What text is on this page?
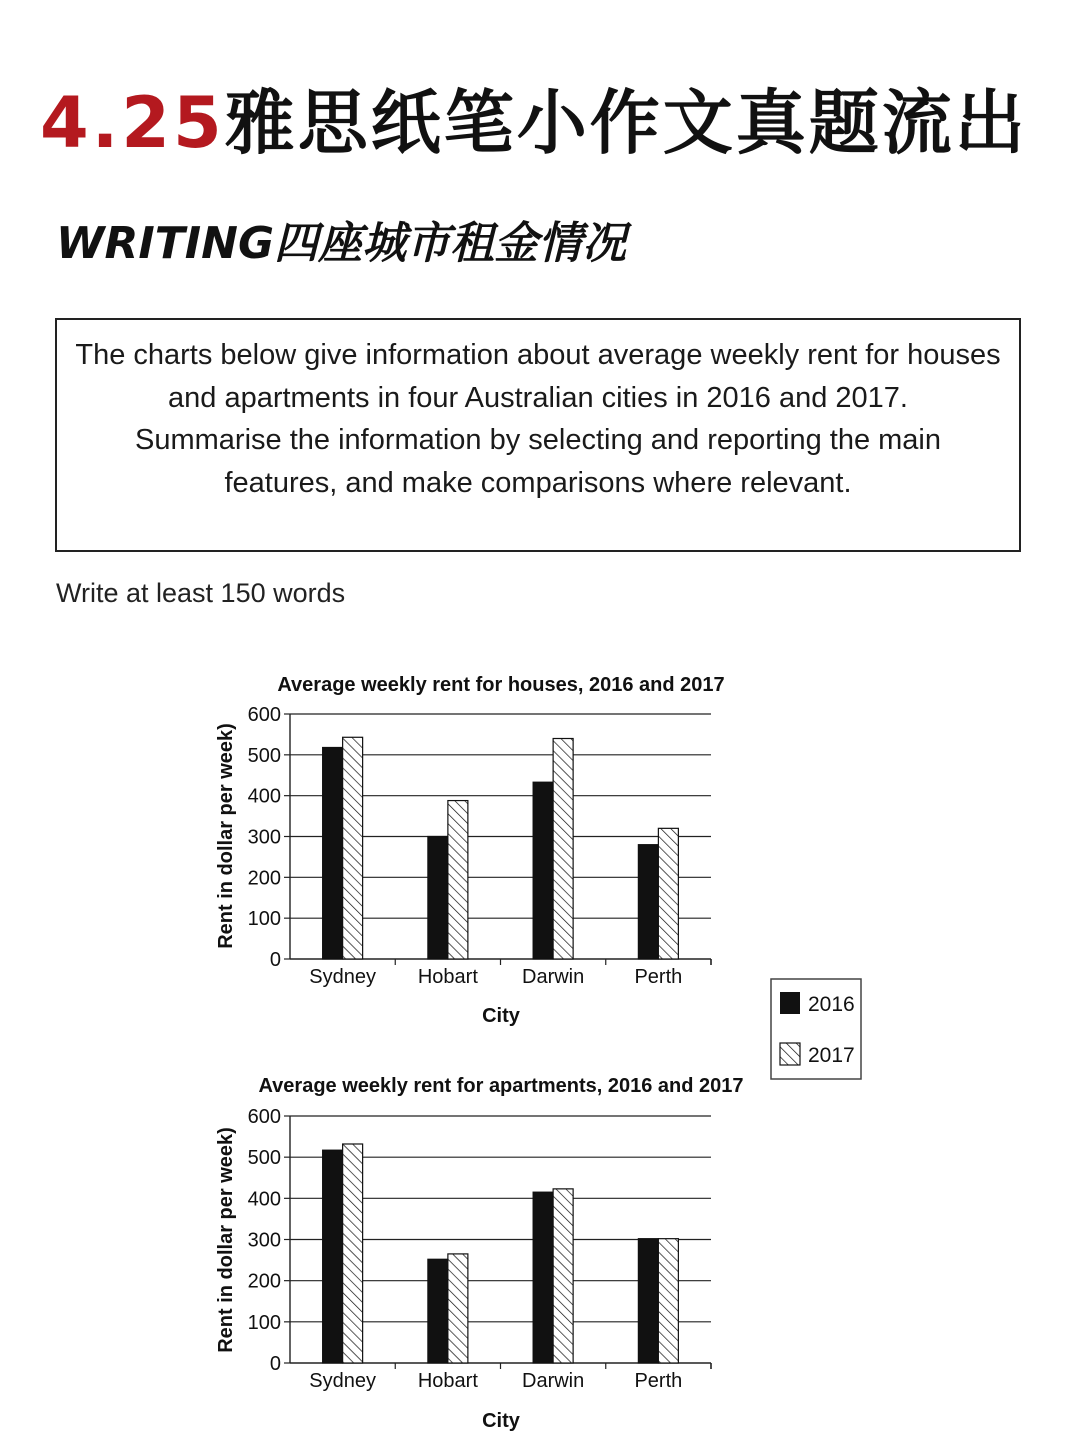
4.25雅思纸笔小作文真题流出
WRITING四座城市租金情况

The charts below give information about average weekly rent for houses and apartments in four Australian cities in 2016 and 2017.

Summarise the information by selecting and reporting the main features, and make comparisons where relevant.

Write at least 150 words
Average weekly rent for houses, 2016 and 2017
Rent in dollar per week)
City
0
100
200
300
400
500
600
Sydney Hobart Darwin	Perth
Average weekly rent for apartments, 2016 and 2017
Rent in dollar per week)
City
0
100
200
300
400
500
600
Sydney Hobart Darwin	Perth
2016
2017
